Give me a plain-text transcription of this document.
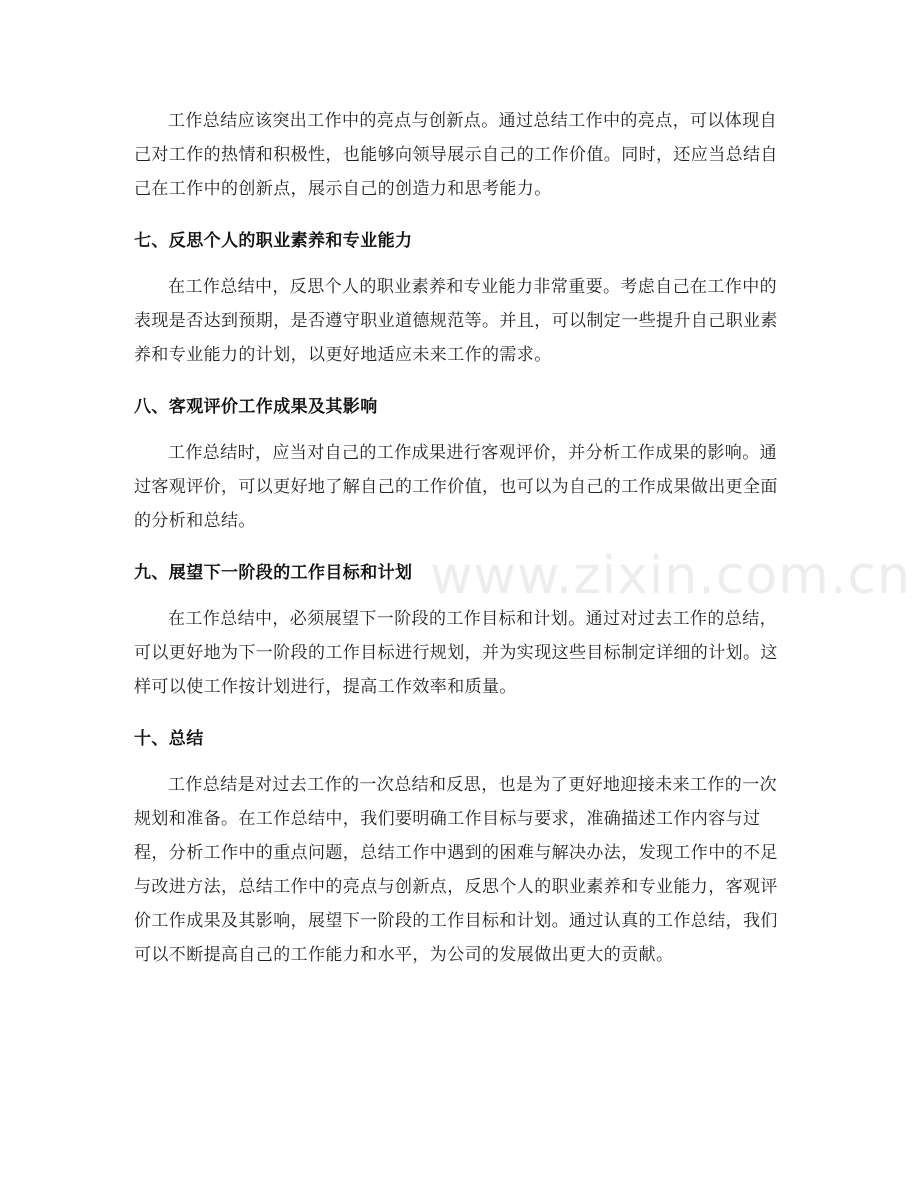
www.zixin.com.cn

工作总结应该突出工作中的亮点与创新点。通过总结工作中的亮点，可以体现自己对工作的热情和积极性，也能够向领导展示自己的工作价值。同时，还应当总结自己在工作中的创新点，展示自己的创造力和思考能力。

七、反思个人的职业素养和专业能力

在工作总结中，反思个人的职业素养和专业能力非常重要。考虑自己在工作中的表现是否达到预期，是否遵守职业道德规范等。并且，可以制定一些提升自己职业素养和专业能力的计划，以更好地适应未来工作的需求。

八、客观评价工作成果及其影响

工作总结时，应当对自己的工作成果进行客观评价，并分析工作成果的影响。通过客观评价，可以更好地了解自己的工作价值，也可以为自己的工作成果做出更全面的分析和总结。

九、展望下一阶段的工作目标和计划

在工作总结中，必须展望下一阶段的工作目标和计划。通过对过去工作的总结，可以更好地为下一阶段的工作目标进行规划，并为实现这些目标制定详细的计划。这样可以使工作按计划进行，提高工作效率和质量。

十、总结

工作总结是对过去工作的一次总结和反思，也是为了更好地迎接未来工作的一次规划和准备。在工作总结中，我们要明确工作目标与要求，准确描述工作内容与过程，分析工作中的重点问题，总结工作中遇到的困难与解决办法，发现工作中的不足与改进方法，总结工作中的亮点与创新点，反思个人的职业素养和专业能力，客观评价工作成果及其影响，展望下一阶段的工作目标和计划。通过认真的工作总结，我们可以不断提高自己的工作能力和水平，为公司的发展做出更大的贡献。
